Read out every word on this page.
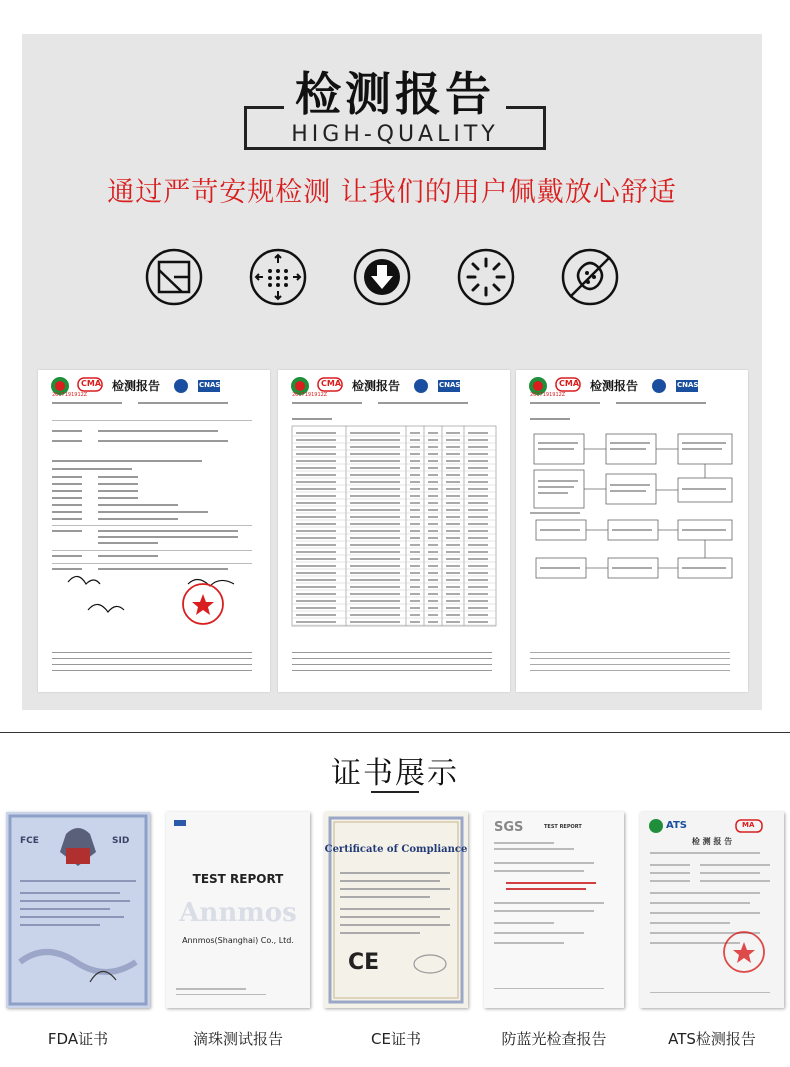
检测报告
HIGH-QUALITY
通过严苛安规检测 让我们的用户佩戴放心舒适
CMA 检测报告
2017191912Z
CNAS	CMA 检测报告
2017191912Z
CNAS	CMA 检测报告
2017191912Z
CNAS
证书展示
FCE	SID
TEST REPORT
Annmos
Annmos(Shanghai) Co., Ltd.
Certificate of Compliance
CE
SGS	TEST REPORT	ATS	MA
检 测 报 告
FDA证书	滴珠测试报告	CE证书	防蓝光检查报告	ATS检测报告
